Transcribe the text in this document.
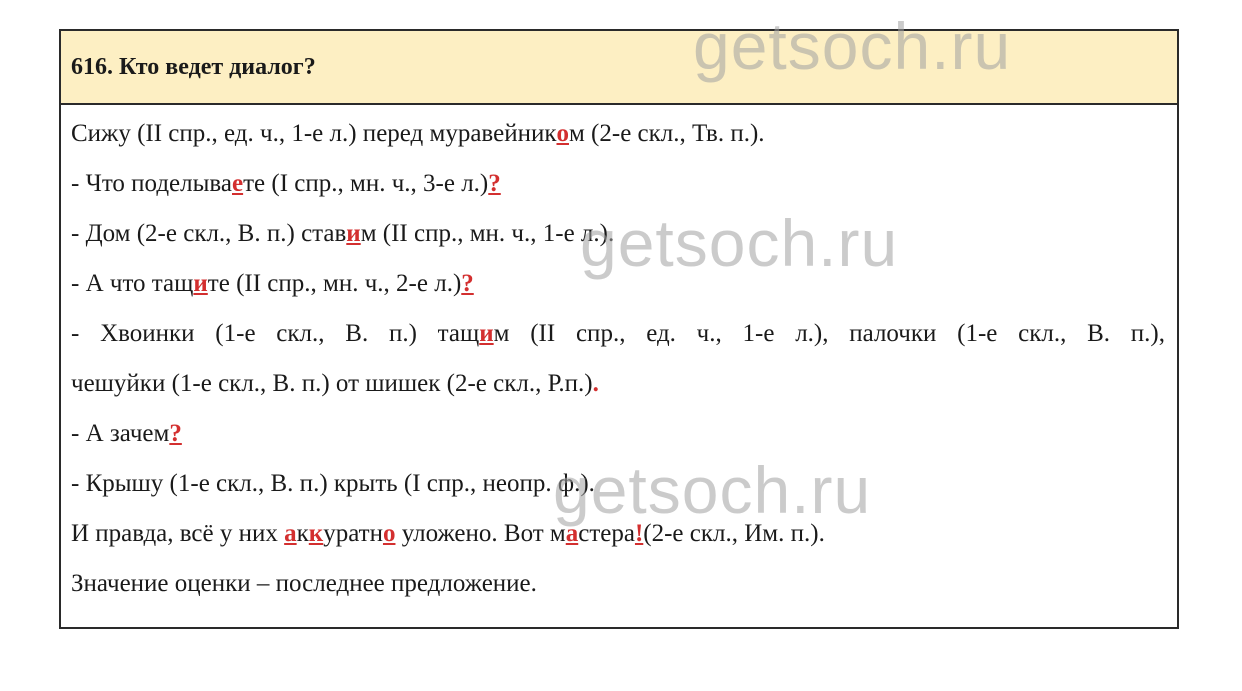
616. Кто ведет диалог?
Сижу (II спр., ед. ч., 1-е л.) перед муравейником (2-е скл., Тв. п.).
- Что поделываете (I спр., мн. ч., 3-е л.)?
- Дом (2-е скл., В. п.) ставим (II спр., мн. ч., 1-е л.).
- А что тащите (II спр., мн. ч., 2-е л.)?
- Хвоинки (1-е скл., В. п.) тащим (II спр., ед. ч., 1-е л.), палочки (1-е скл., В. п.),
чешуйки (1-е скл., В. п.) от шишек (2-е скл., Р.п.).
- А зачем?
- Крышу (1-е скл., В. п.) крыть (I спр., неопр. ф.).
И правда, всё у них аккуратно уложено. Вот мастера!(2-е скл., Им. п.).
Значение оценки – последнее предложение.
getsoch.ru
getsoch.ru
getsoch.ru
